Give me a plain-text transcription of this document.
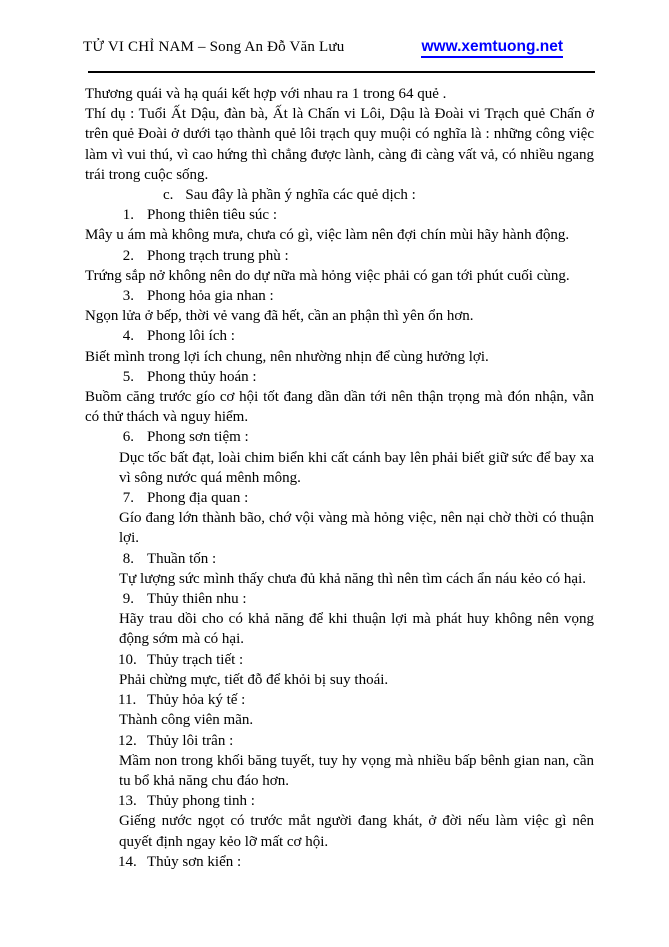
TỬ VI CHỈ NAM – Song An Đỗ Văn Lưu	www.xemtuong.net

Thương quái và hạ quái kết hợp với nhau ra 1 trong 64 quẻ .

Thí dụ : Tuổi Ất Dậu, đàn bà, Ất là Chấn vi Lôi, Dậu là Đoài vi Trạch quẻ Chấn ở trên quẻ Đoài ở dưới tạo thành quẻ lôi trạch quy muội có nghĩa là : những công việc làm vì vui thú, vì cao hứng thì chẳng được lành, càng đi càng vất vả, có nhiều ngang trái trong cuộc sống.

c. Sau đây là phần ý nghĩa các quẻ dịch :
1. Phong thiên tiêu súc :

Mây u ám mà không mưa, chưa có gì, việc làm nên đợi chín mùi hãy hành động.

2. Phong trạch trung phù :

Trứng sắp nở không nên do dự nữa mà hỏng việc phải có gan tới phút cuối cùng.

3. Phong hỏa gia nhan :

Ngọn lửa ở bếp, thời vẻ vang đã hết, cần an phận thì yên ổn hơn.

4. Phong lôi ích :

Biết mình trong lợi ích chung, nên nhường nhịn để cùng hưởng lợi.

5. Phong thủy hoán :

Buồm căng trước gío cơ hội tốt đang dần dần tới nên thận trọng mà đón nhận, vẫn có thử thách và nguy hiểm.

6. Phong sơn tiệm :

Dục tốc bất đạt, loài chim biển khi cất cánh bay lên phải biết giữ sức để bay xa vì sông nước quá mênh mông.

7. Phong địa quan :

Gío đang lớn thành bão, chớ vội vàng mà hỏng việc, nên nại chờ thời có thuận lợi.

8. Thuần tốn :

Tự lượng sức mình thấy chưa đủ khả năng thì nên tìm cách ẩn náu kẻo có hại.

9. Thủy thiên nhu :

Hãy trau dồi cho có khả năng để khi thuận lợi mà phát huy không nên vọng động sớm mà có hại.

10. Thủy trạch tiết :

Phải chừng mực, tiết đỗ để khỏi bị suy thoái.

11. Thủy hỏa ký tế :

Thành công viên mãn.

12. Thủy lôi trân :

Mầm non trong khối băng tuyết, tuy hy vọng mà nhiều bấp bênh gian nan, cần tu bổ khả năng chu đáo hơn.

13. Thủy phong tinh :

Giếng nước ngọt có trước mắt người đang khát, ở đời nếu làm việc gì nên quyết định ngay kẻo lỡ mất cơ hội.

14. Thủy sơn kiển :
